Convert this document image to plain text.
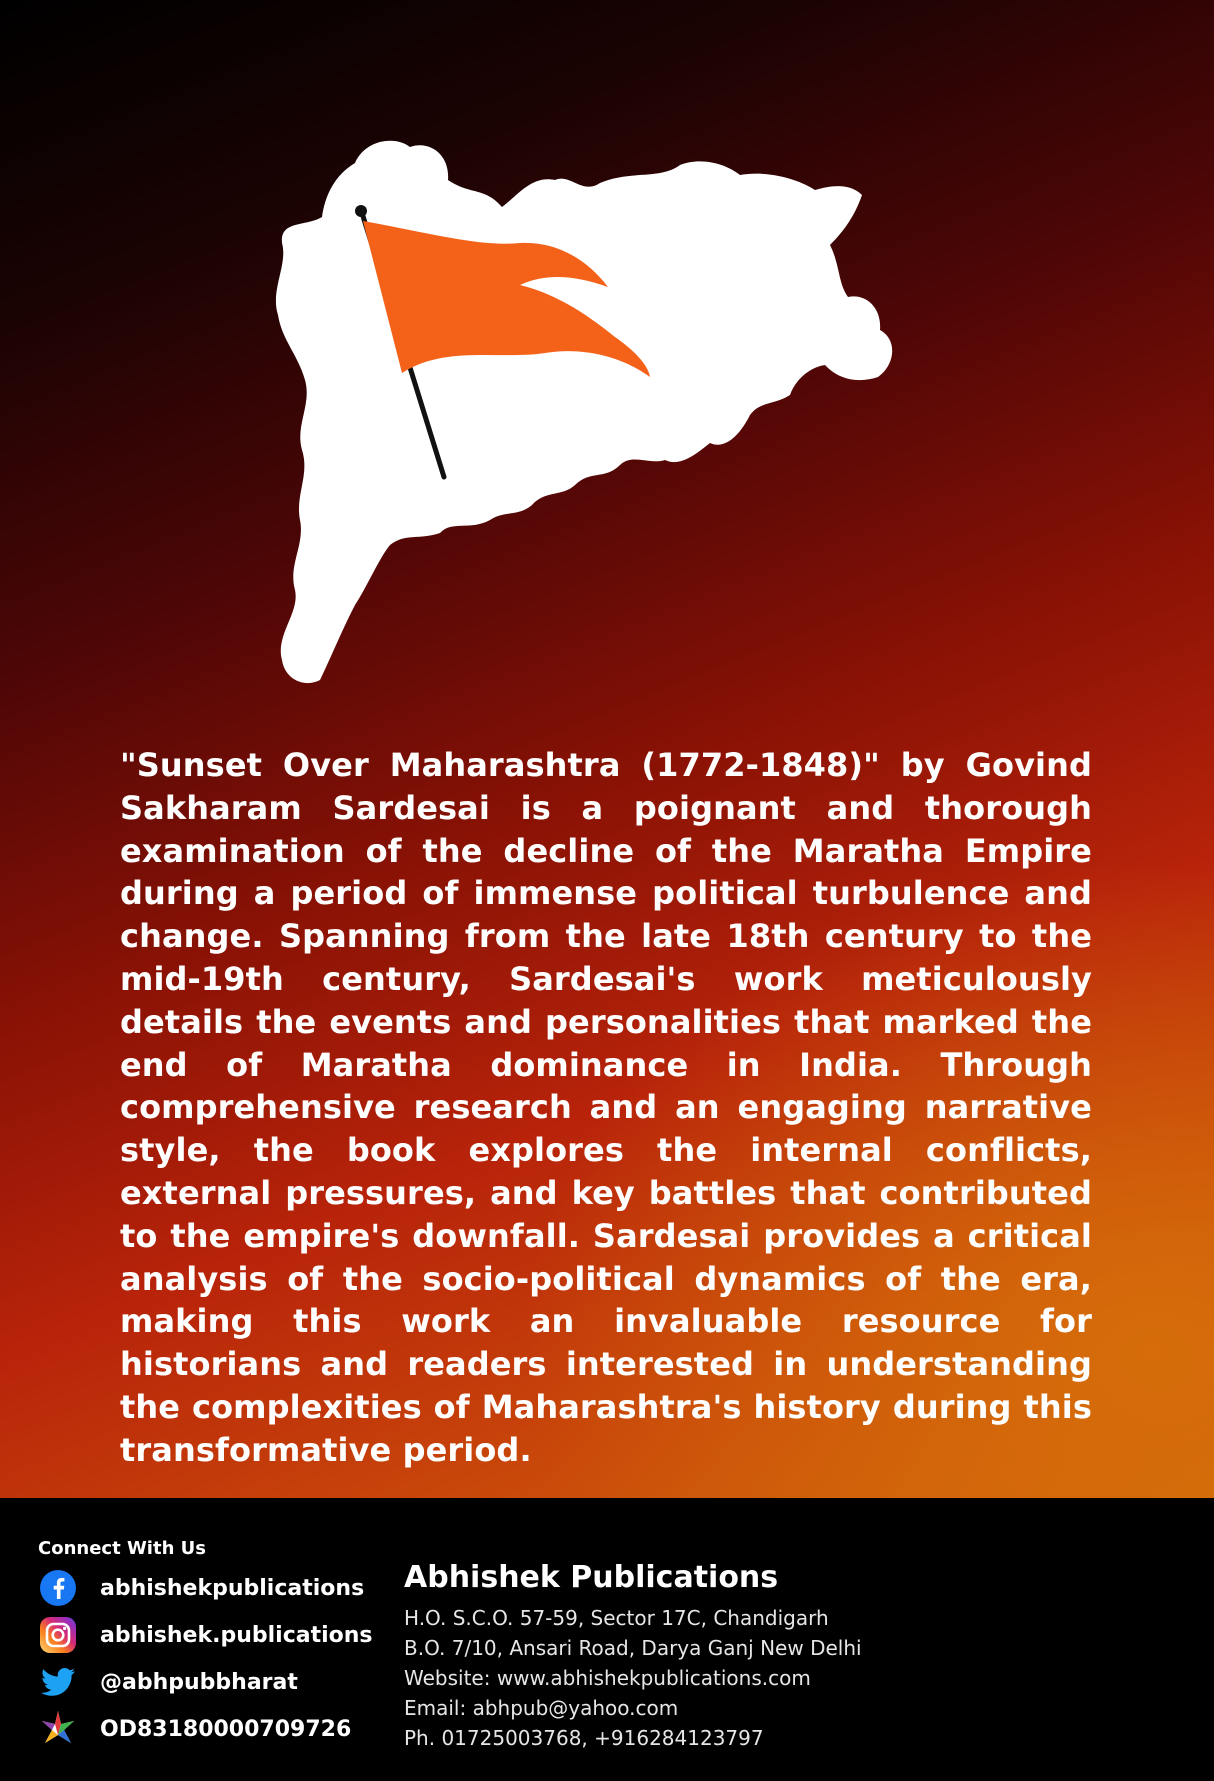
"Sunset Over Maharashtra (1772-1848)" by Govind Sakharam Sardesai is a poignant and thorough examination of the decline of the Maratha Empire during a period of immense political turbulence and change. Spanning from the late 18th century to the mid-19th century, Sardesai's work meticulously details the events and personalities that marked the end of Maratha dominance in India. Through comprehensive research and an engaging narrative style, the book explores the internal conflicts, external pressures, and key battles that contributed to the empire's downfall. Sardesai provides a critical analysis of the socio-political dynamics of the era, making this work an invaluable resource for historians and readers interested in understanding the complexities of Maharashtra's history during this transformative period.

Connect With Us
abhishekpublications
abhishek.publications
@abhpubbharat
OD83180000709726
Abhishek Publications
H.O. S.C.O. 57-59, Sector 17C, Chandigarh
B.O. 7/10, Ansari Road, Darya Ganj New Delhi
Website: www.abhishekpublications.com
Email: abhpub@yahoo.com
Ph. 01725003768, +916284123797
